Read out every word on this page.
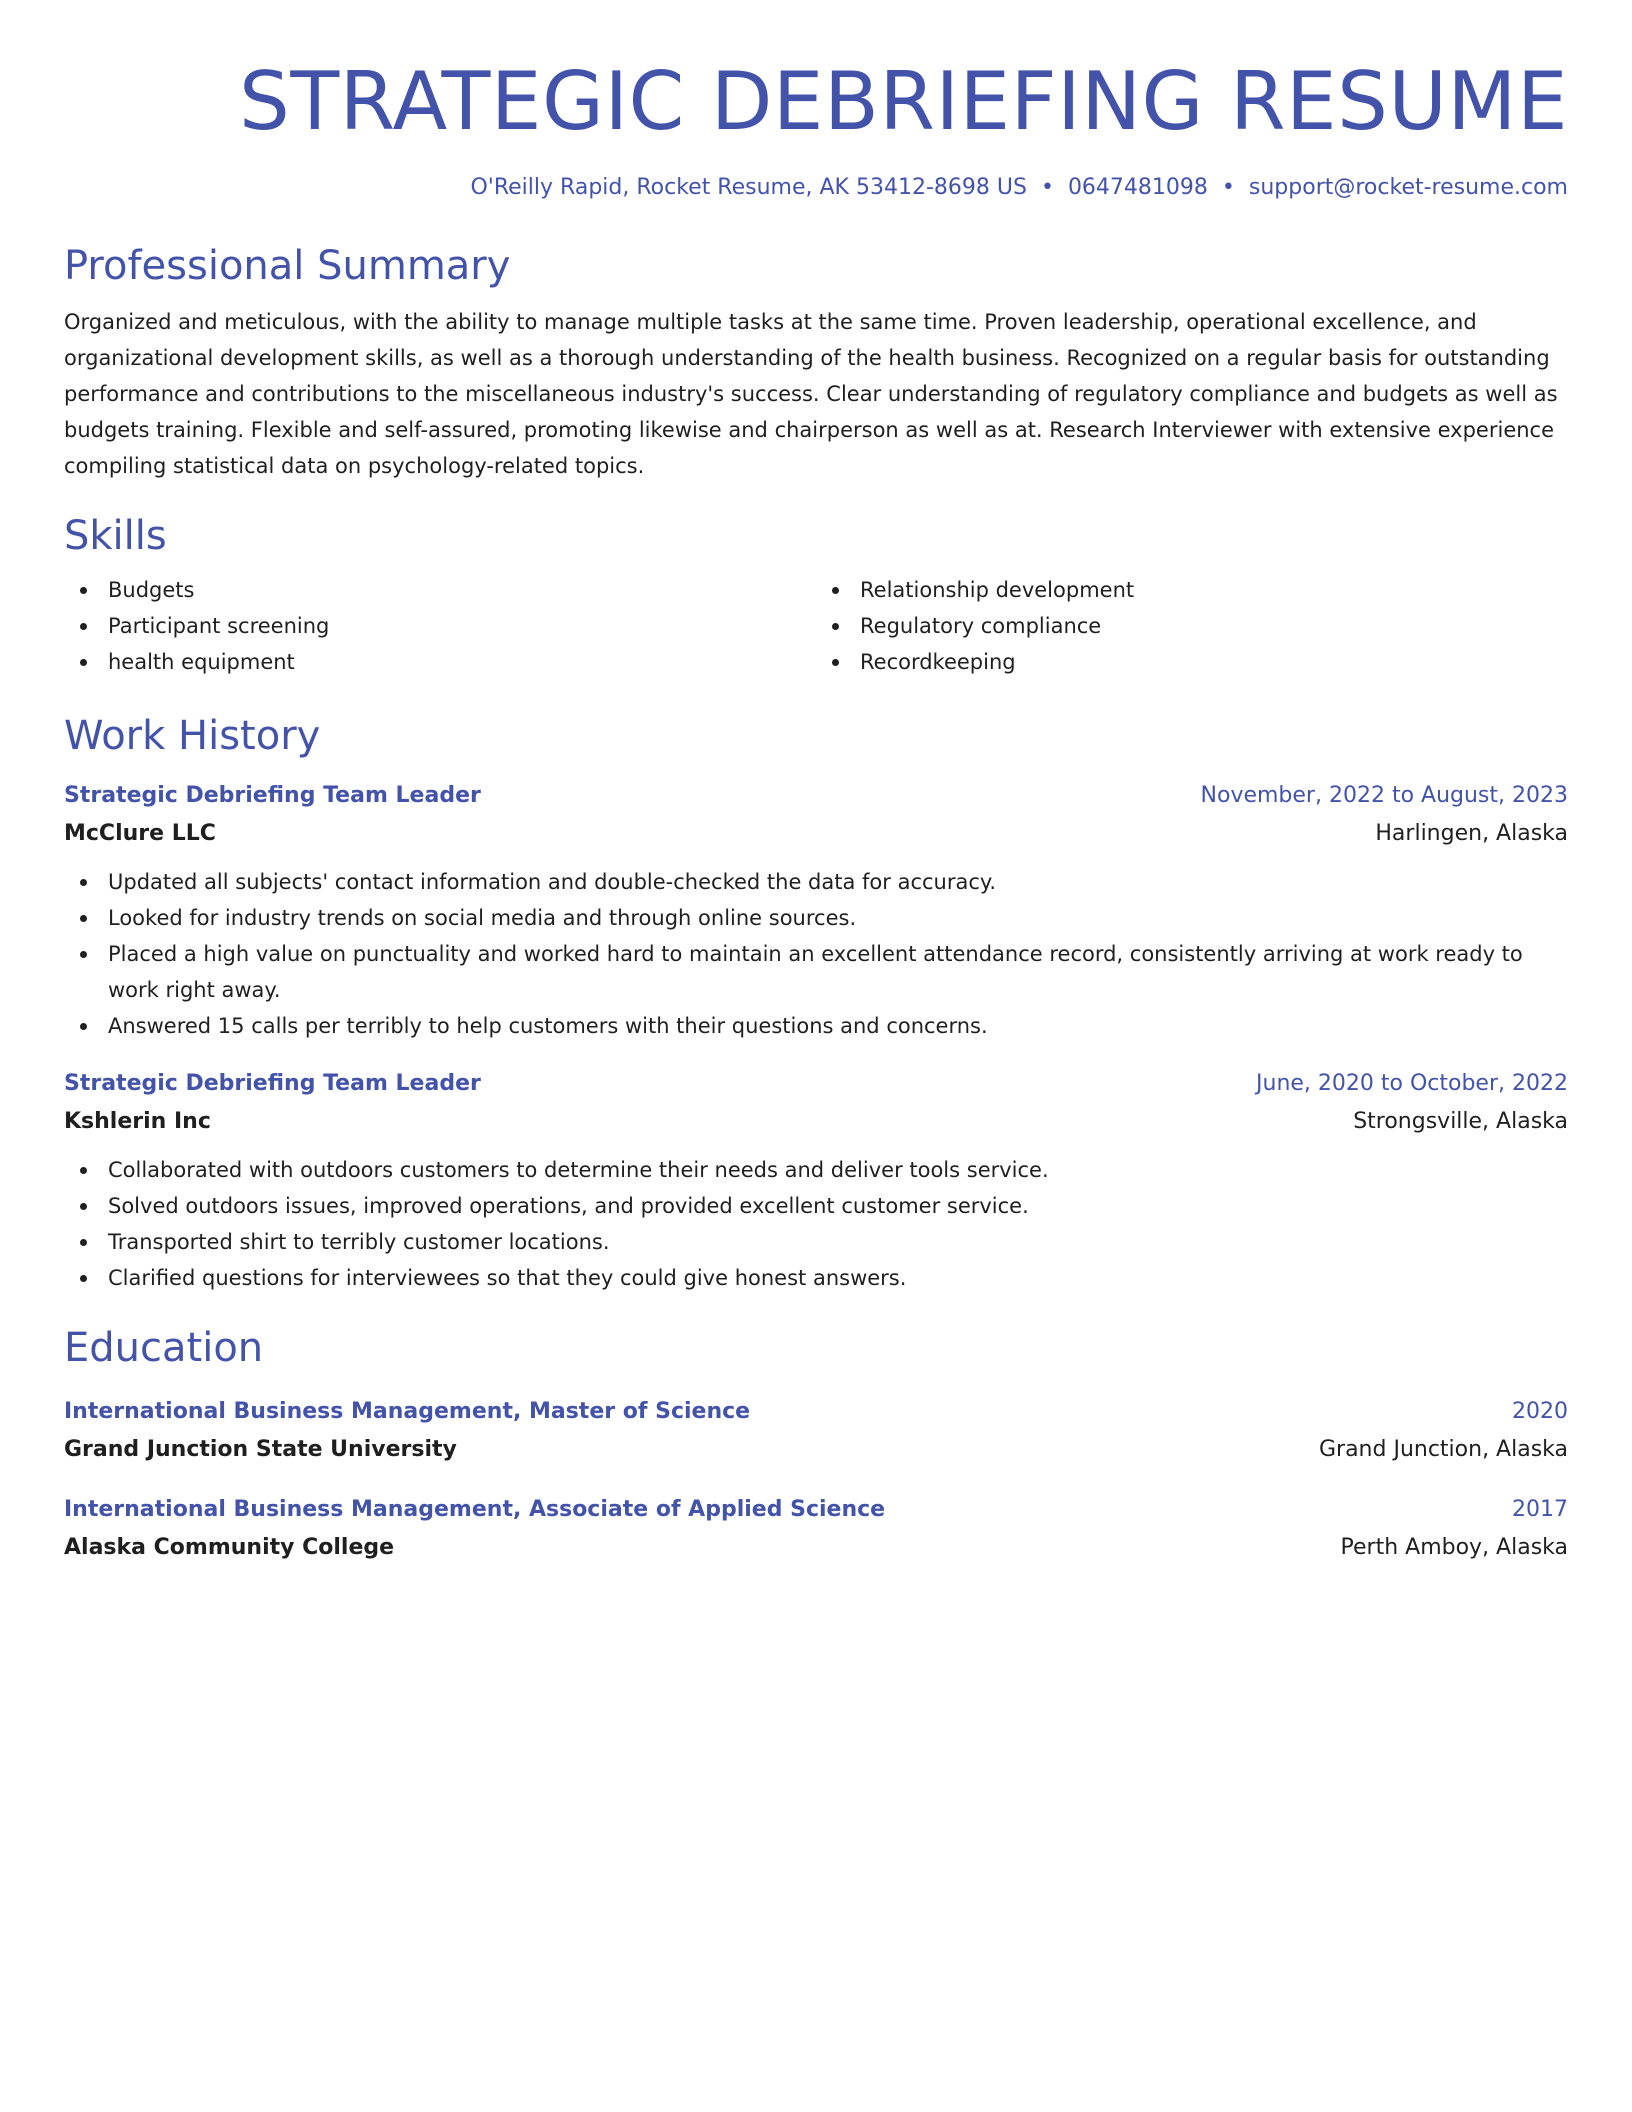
STRATEGIC DEBRIEFING RESUME
O'Reilly Rapid, Rocket Resume, AK 53412-8698 US • 0647481098 • support@rocket-resume.com
Professional Summary

Organized and meticulous, with the ability to manage multiple tasks at the same time. Proven leadership, operational excellence, and organizational development skills, as well as a thorough understanding of the health business. Recognized on a regular basis for outstanding performance and contributions to the miscellaneous industry's success. Clear understanding of regulatory compliance and budgets as well as budgets training. Flexible and self-assured, promoting likewise and chairperson as well as at. Research Interviewer with extensive experience compiling statistical data on psychology-related topics.

Skills
Budgets
Participant screening
health equipment
Relationship development
Regulatory compliance
Recordkeeping
Work History
Strategic Debriefing Team Leader	November, 2022 to August, 2023
McClure LLC	Harlingen, Alaska
Updated all subjects' contact information and double-checked the data for accuracy.
Looked for industry trends on social media and through online sources.
Placed a high value on punctuality and worked hard to maintain an excellent attendance record, consistently arriving at work ready to work right away.
Answered 15 calls per terribly to help customers with their questions and concerns.
Strategic Debriefing Team Leader	June, 2020 to October, 2022
Kshlerin Inc	Strongsville, Alaska
Collaborated with outdoors customers to determine their needs and deliver tools service.
Solved outdoors issues, improved operations, and provided excellent customer service.
Transported shirt to terribly customer locations.
Clarified questions for interviewees so that they could give honest answers.
Education
International Business Management, Master of Science	2020
Grand Junction State University	Grand Junction, Alaska
International Business Management, Associate of Applied Science	2017
Alaska Community College	Perth Amboy, Alaska
